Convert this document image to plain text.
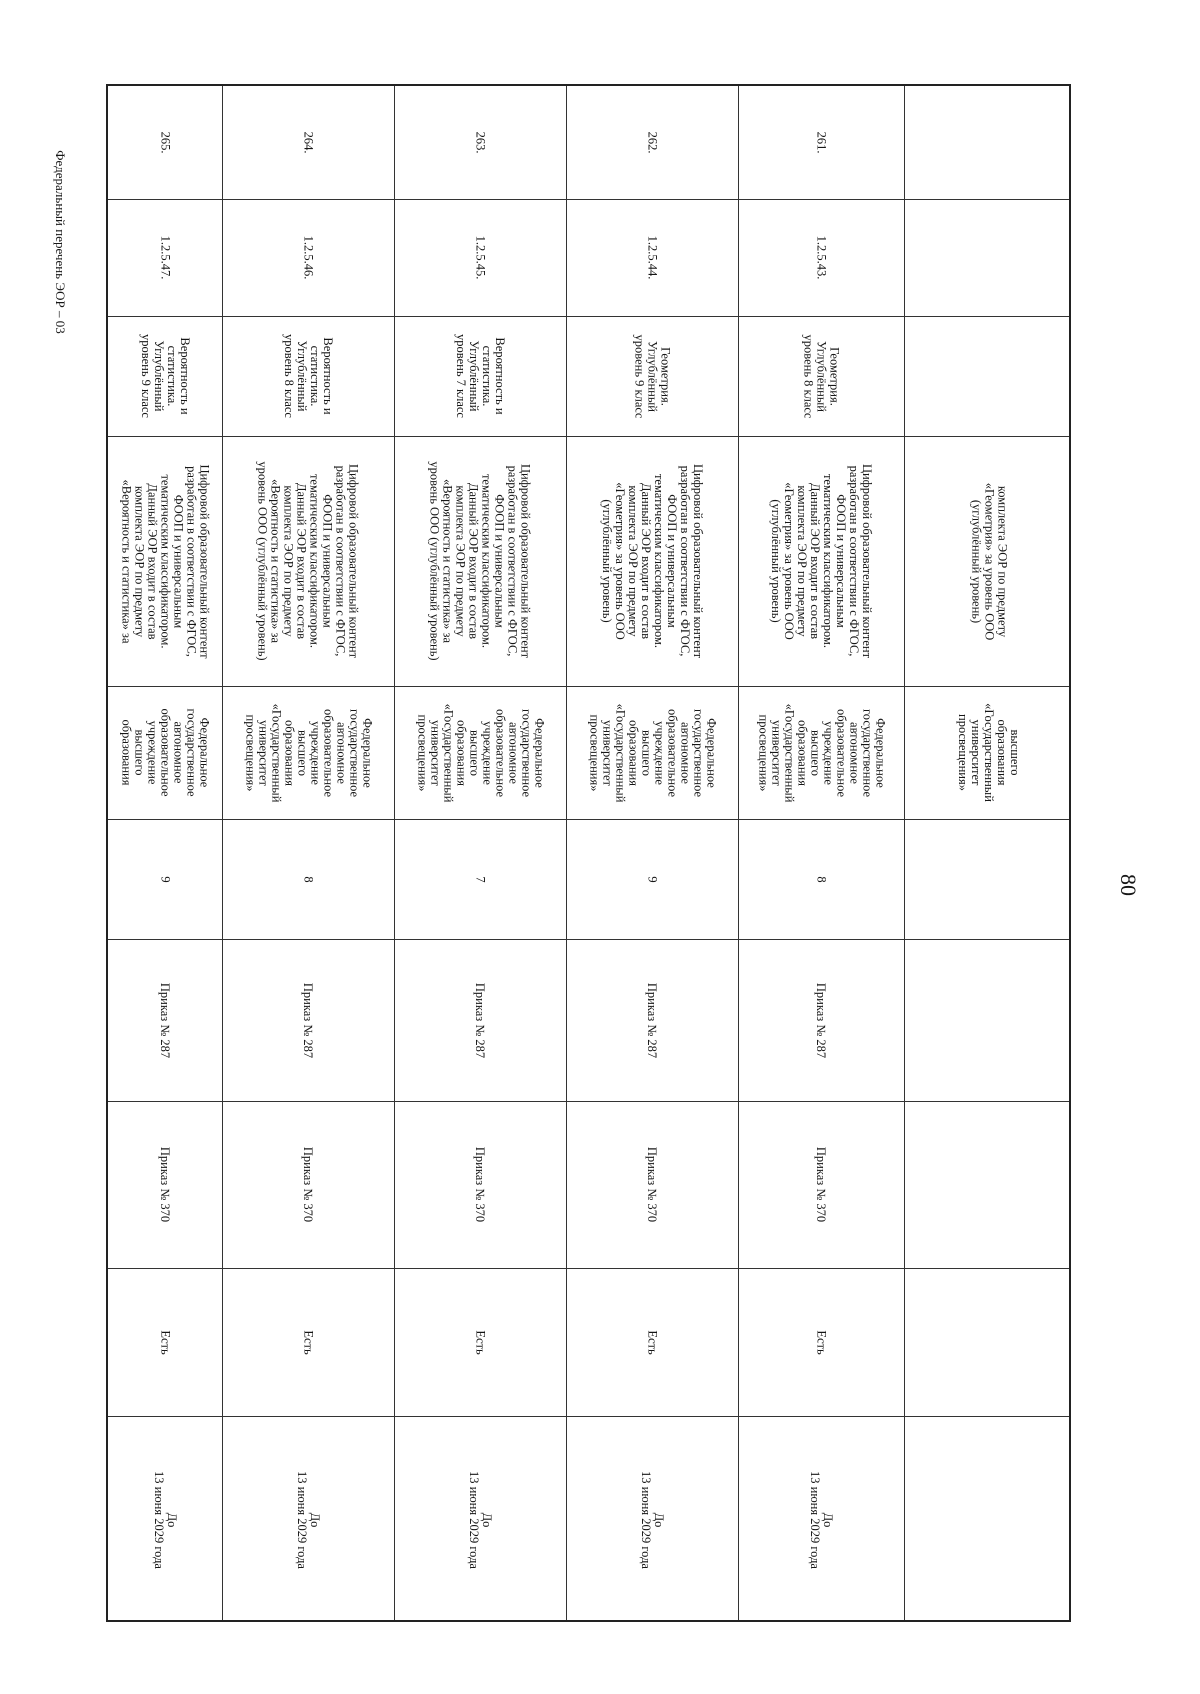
80
Федеральный перечень ЭОР – 03
комплекта ЭОР по предмету
«Геометрия» за уровень ООО
(углублённый уровень)
высшего
образования
«Государственный
университет
просвещения»
261.
1.2.5.43.
Геометрия.
Углублённый
уровень 8 класс
Цифровой образовательный контент
разработан в соответствии с ФГОС,
ФООП и универсальным
тематическим классификатором.
Данный ЭОР входит в состав
комплекта ЭОР по предмету
«Геометрия» за уровень ООО
(углублённый уровень)
Федеральное
государственное
автономное
образовательное
учреждение
высшего
образования
«Государственный
университет
просвещения»
8
Приказ № 287
Приказ № 370
Есть
До
13 июня 2029 года
262.
1.2.5.44.
Геометрия.
Углублённый
уровень 9 класс
Цифровой образовательный контент
разработан в соответствии с ФГОС,
ФООП и универсальным
тематическим классификатором.
Данный ЭОР входит в состав
комплекта ЭОР по предмету
«Геометрия» за уровень ООО
(углублённый уровень)
Федеральное
государственное
автономное
образовательное
учреждение
высшего
образования
«Государственный
университет
просвещения»
9
Приказ № 287
Приказ № 370
Есть
До
13 июня 2029 года
263.
1.2.5.45.
Вероятность и
статистика.
Углублённый
уровень 7 класс
Цифровой образовательный контент
разработан в соответствии с ФГОС,
ФООП и универсальным
тематическим классификатором.
Данный ЭОР входит в состав
комплекта ЭОР по предмету
«Вероятность и статистика» за
уровень ООО (углублённый уровень)
Федеральное
государственное
автономное
образовательное
учреждение
высшего
образования
«Государственный
университет
просвещения»
7
Приказ № 287
Приказ № 370
Есть
До
13 июня 2029 года
264.
1.2.5.46.
Вероятность и
статистика.
Углублённый
уровень 8 класс
Цифровой образовательный контент
разработан в соответствии с ФГОС,
ФООП и универсальным
тематическим классификатором.
Данный ЭОР входит в состав
комплекта ЭОР по предмету
«Вероятность и статистика» за
уровень ООО (углублённый уровень)
Федеральное
государственное
автономное
образовательное
учреждение
высшего
образования
«Государственный
университет
просвещения»
8
Приказ № 287
Приказ № 370
Есть
До
13 июня 2029 года
265.
1.2.5.47.
Вероятность и
статистика.
Углублённый
уровень 9 класс
Цифровой образовательный контент
разработан в соответствии с ФГОС,
ФООП и универсальным
тематическим классификатором.
Данный ЭОР входит в состав
комплекта ЭОР по предмету
«Вероятность и статистика» за
Федеральное
государственное
автономное
образовательное
учреждение
высшего
образования
9
Приказ № 287
Приказ № 370
Есть
До
13 июня 2029 года
